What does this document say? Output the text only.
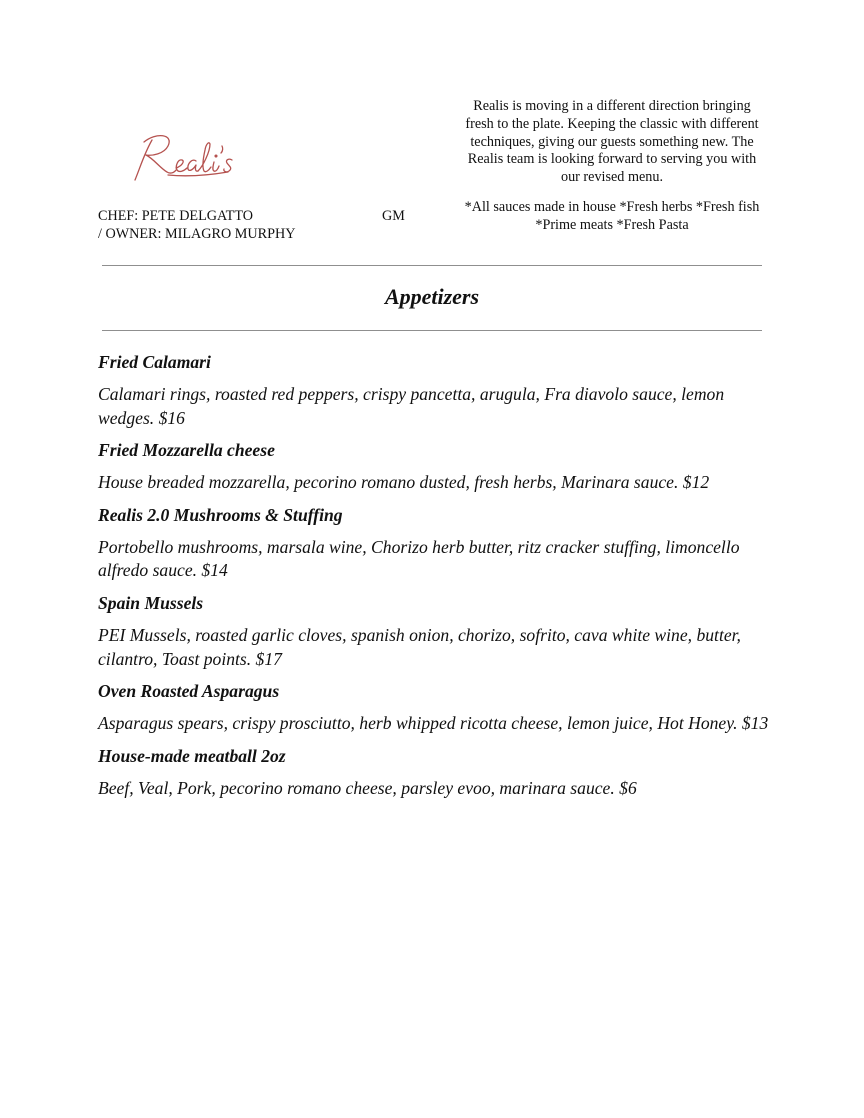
Realis is moving in a different direction bringing fresh to the plate. Keeping the classic with different techniques, giving our guests something new. The Realis team is looking forward to serving you with our revised menu.

*All sauces made in house *Fresh herbs *Fresh fish *Prime meats *Fresh Pasta
CHEF: PETE DELGATTO
/ OWNER: MILAGRO MURPHY
GM
Appetizers
Fried Calamari
Calamari rings, roasted red peppers, crispy pancetta, arugula, Fra diavolo sauce, lemon wedges. $16
Fried Mozzarella cheese
House breaded mozzarella, pecorino romano dusted, fresh herbs, Marinara sauce. $12
Realis 2.0 Mushrooms & Stuffing
Portobello mushrooms, marsala wine, Chorizo herb butter, ritz cracker stuffing, limoncello alfredo sauce. $14
Spain Mussels
PEI Mussels, roasted garlic cloves, spanish onion, chorizo, sofrito, cava white wine, butter, cilantro, Toast points. $17
Oven Roasted Asparagus
Asparagus spears, crispy prosciutto, herb whipped ricotta cheese, lemon juice, Hot Honey. $13
House-made meatball 2oz
Beef, Veal, Pork, pecorino romano cheese, parsley evoo, marinara sauce. $6
